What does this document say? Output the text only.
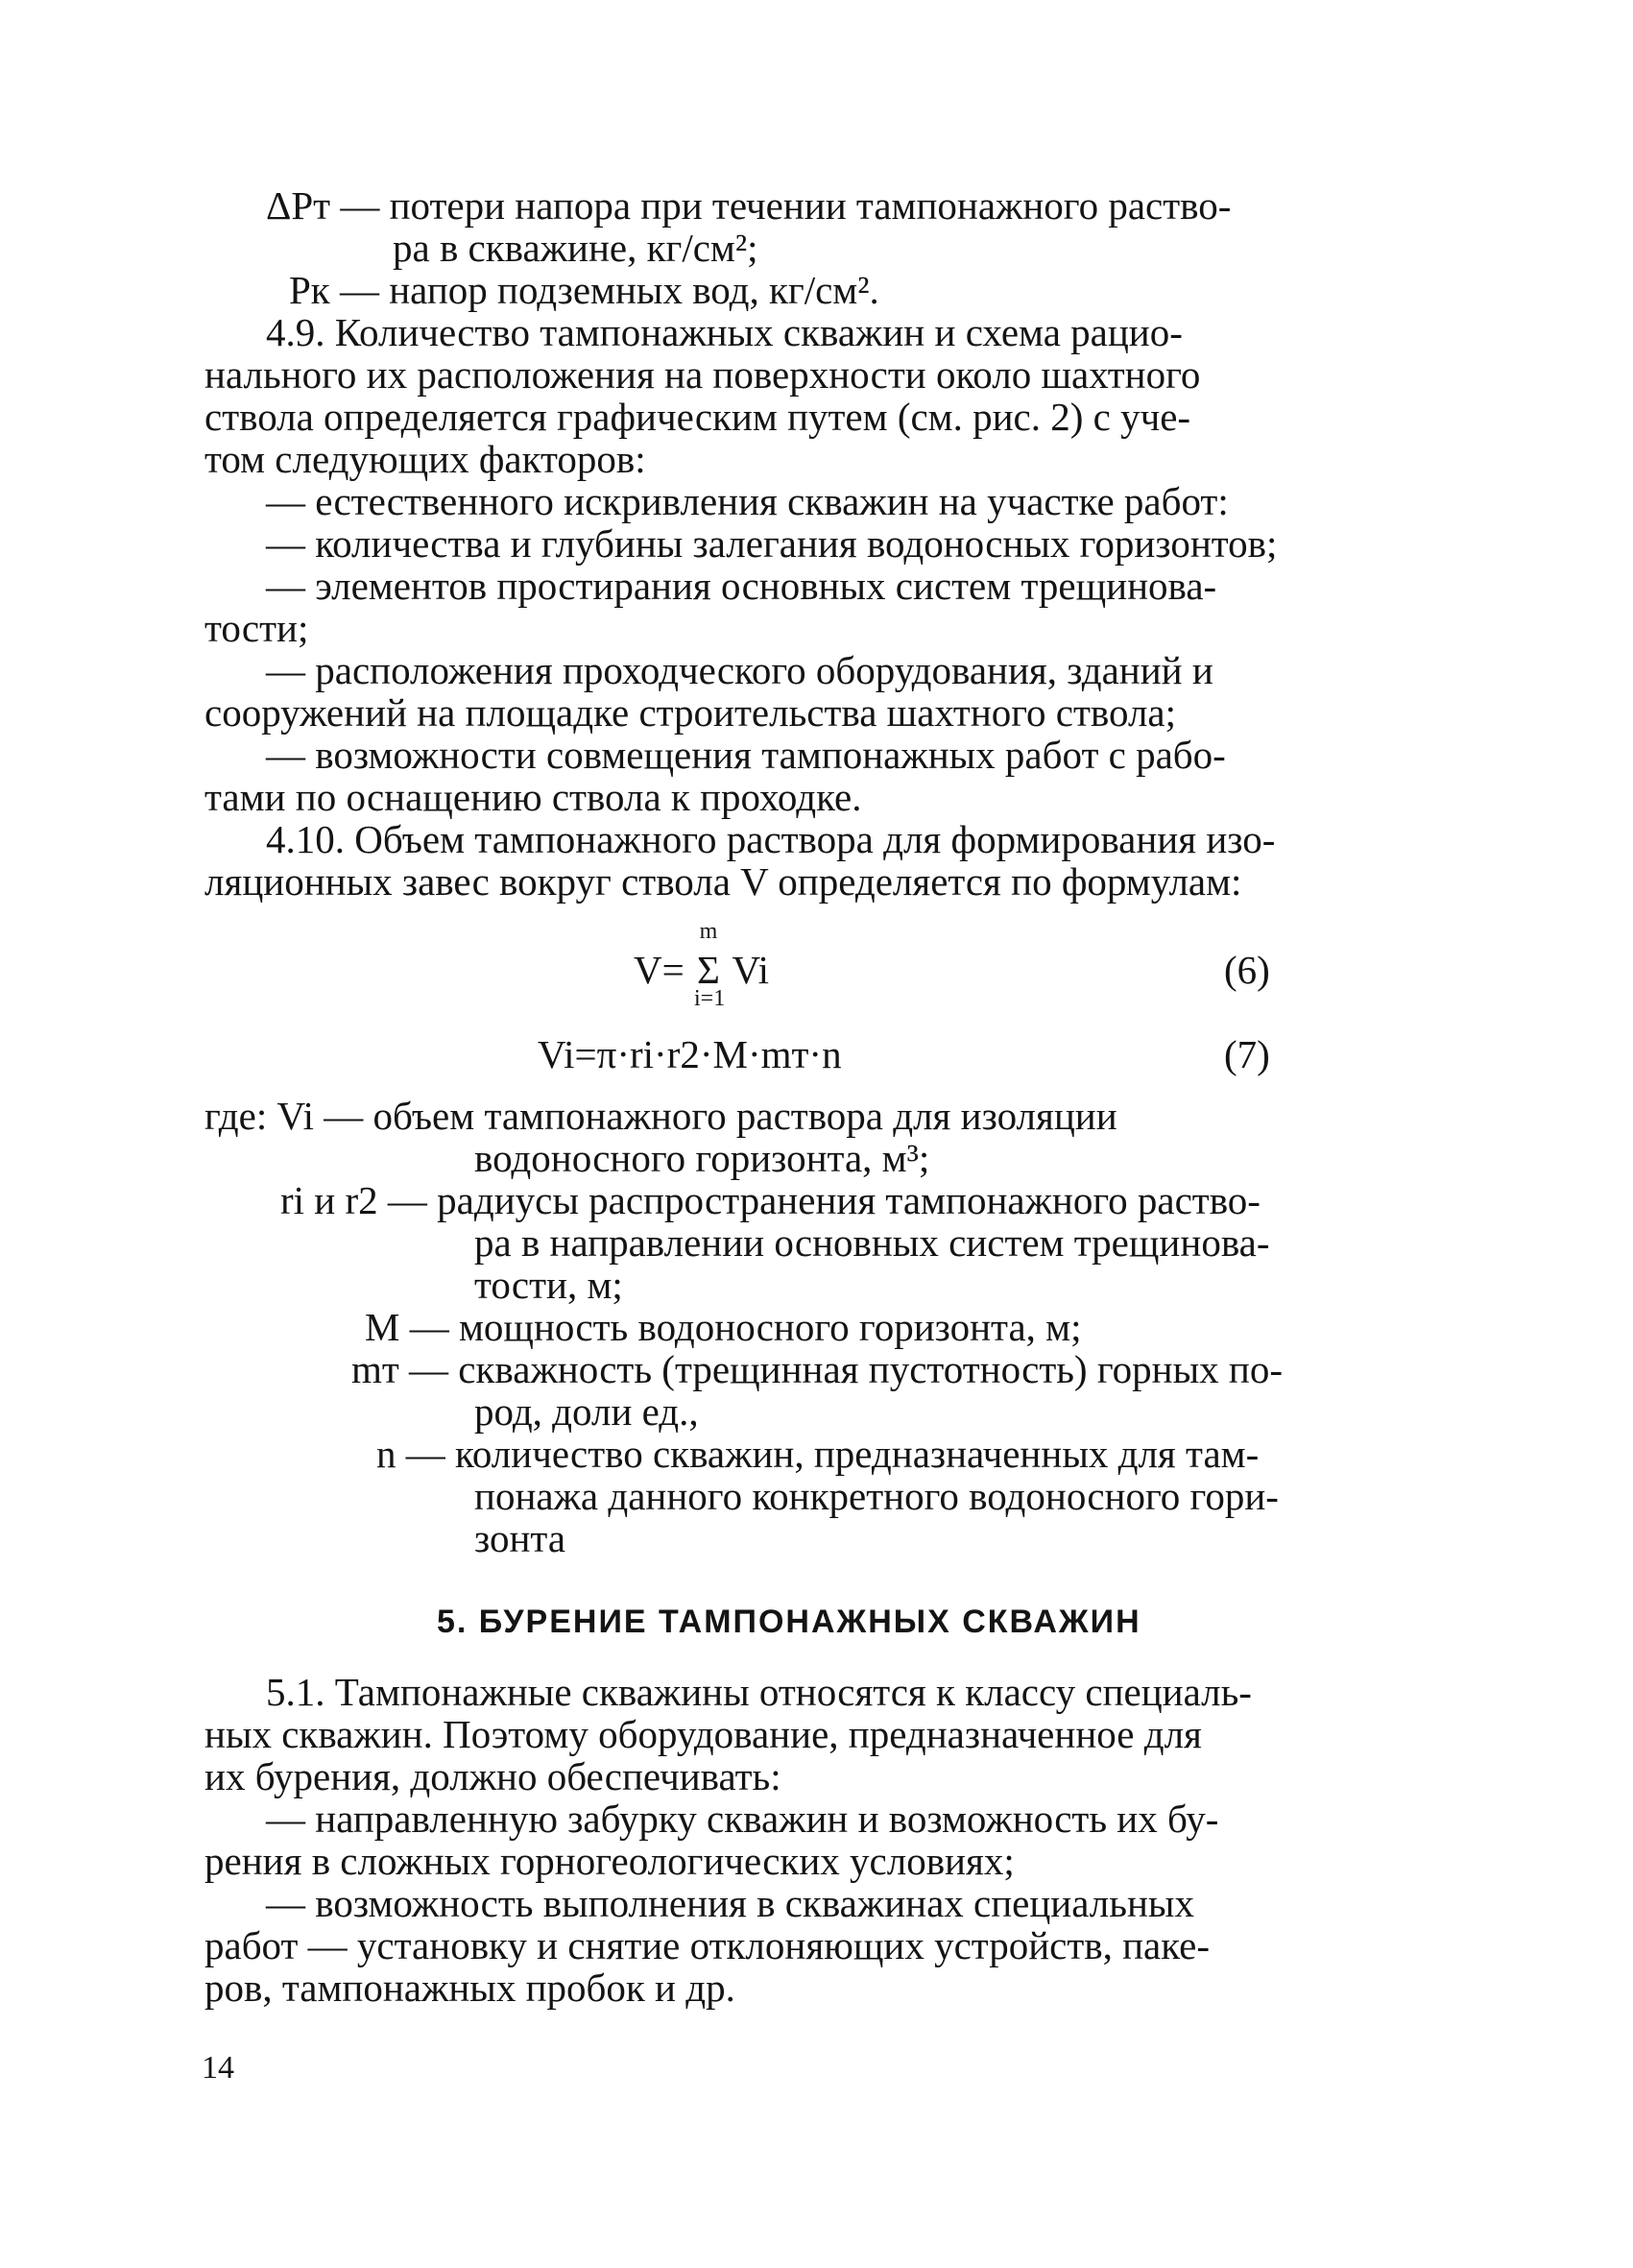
ΔPт — потери напора при течении тампонажного раство-
ра в скважине, кг/см²;
Pк — напор подземных вод, кг/см².
4.9. Количество тампонажных скважин и схема рацио-
нального их расположения на поверхности около шахтного
ствола определяется графическим путем (см. рис. 2) с уче-
том следующих факторов:
— естественного искривления скважин на участке работ:
— количества и глубины залегания водоносных горизонтов;
— элементов простирания основных систем трещинова-
тости;
— расположения проходческого оборудования, зданий и
сооружений на площадке строительства шахтного ствола;
— возможности совмещения тампонажных работ с рабо-
тами по оснащению ствола к проходке.
4.10. Объем тампонажного раствора для формирования изо-
ляционных завес вокруг ствола V определяется по формулам:
V=
m
Σ
i=1
Vi	(6)
Vi=π·ri·r2·M·mт·n	(7)
где: Vi — объем тампонажного раствора для изоляции
водоносного горизонта, м³;
ri и r2 — радиусы распространения тампонажного раство-
ра в направлении основных систем трещинова-
тости, м;
M — мощность водоносного горизонта, м;
mт — скважность (трещинная пустотность) горных по-
род, доли ед.,
n — количество скважин, предназначенных для там-
понажа данного конкретного водоносного гори-
зонта
5. БУРЕНИЕ ТАМПОНАЖНЫХ СКВАЖИН
5.1. Тампонажные скважины относятся к классу специаль-
ных скважин. Поэтому оборудование, предназначенное для
их бурения, должно обеспечивать:
— направленную забурку скважин и возможность их бу-
рения в сложных горногеологических условиях;
— возможность выполнения в скважинах специальных
работ — установку и снятие отклоняющих устройств, паке-
ров, тампонажных пробок и др.
14
